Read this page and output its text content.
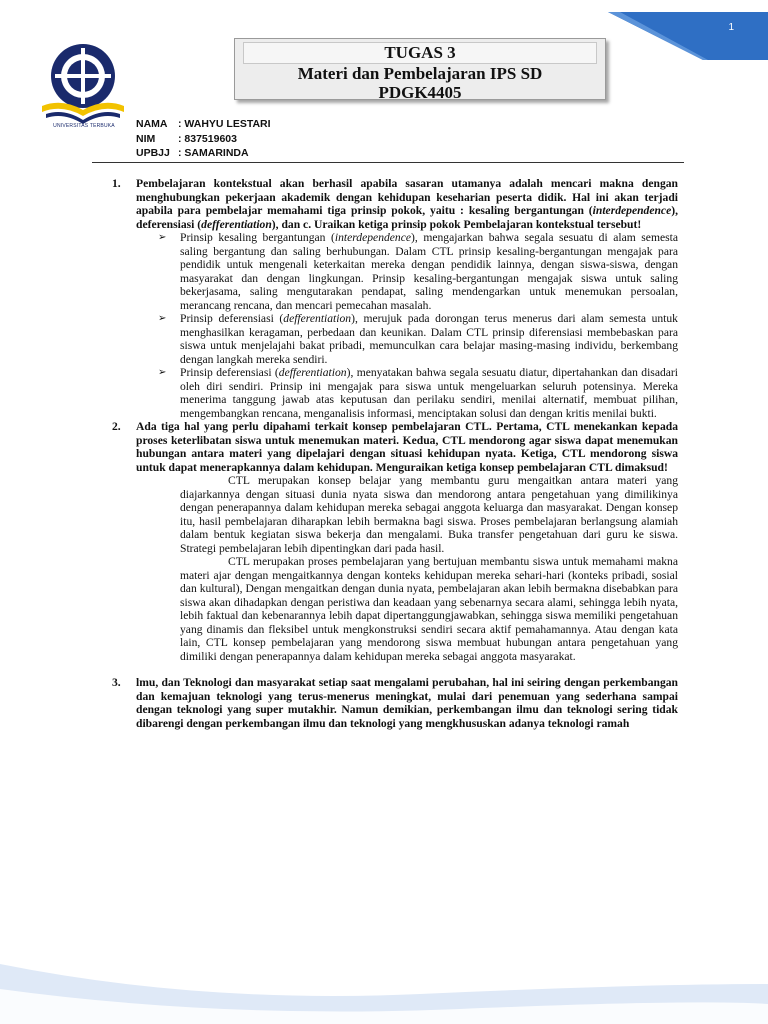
1
UNIVERSITAS TERBUKA
TUGAS 3
Materi dan Pembelajaran IPS SD
PDGK4405
NAMA	: WAHYU LESTARI
NIM	: 837519603
UPBJJ : SAMARINDA
1.	Pembelajaran kontekstual akan berhasil apabila sasaran utamanya adalah mencari makna dengan menghubungkan pekerjaan akademik dengan kehidupan keseharian peserta didik. Hal ini akan terjadi apabila para pembelajar memahami tiga prinsip pokok, yaitu : kesaling bergantungan (interdependence), deferensiasi (defferentiation), dan c. Uraikan ketiga prinsip pokok Pembelajaran kontekstual tersebut!
➢	Prinsip kesaling bergantungan (interdependence), mengajarkan bahwa segala sesuatu di alam semesta saling bergantung dan saling berhubungan. Dalam CTL prinsip kesaling-bergantungan mengajak para pendidik untuk mengenali keterkaitan mereka dengan pendidik lainnya, dengan siswa-siswa, dengan masyarakat dan dengan lingkungan. Prinsip kesaling-bergantungan mengajak siswa untuk saling bekerjasama, saling mengutarakan pendapat, saling mendengarkan untuk menemukan persoalan, merancang rencana, dan mencari pemecahan masalah.
➢	Prinsip deferensiasi (defferentiation), merujuk pada dorongan terus menerus dari alam semesta untuk menghasilkan keragaman, perbedaan dan keunikan. Dalam CTL prinsip diferensiasi membebaskan para siswa untuk menjelajahi bakat pribadi, memunculkan cara belajar masing-masing individu, berkembang dengan langkah mereka sendiri.
➢	Prinsip deferensiasi (defferentiation), menyatakan bahwa segala sesuatu diatur, dipertahankan dan disadari oleh diri sendiri. Prinsip ini mengajak para siswa untuk mengeluarkan seluruh potensinya. Mereka menerima tanggung jawab atas keputusan dan perilaku sendiri, menilai alternatif, membuat pilihan, mengembangkan rencana, menganalisis informasi, menciptakan solusi dan dengan kritis menilai bukti.
2.	Ada tiga hal yang perlu dipahami terkait konsep pembelajaran CTL. Pertama, CTL menekankan kepada proses keterlibatan siswa untuk menemukan materi. Kedua, CTL mendorong agar siswa dapat menemukan hubungan antara materi yang dipelajari dengan situasi kehidupan nyata. Ketiga, CTL mendorong siswa untuk dapat menerapkannya dalam kehidupan. Menguraikan ketiga konsep pembelajaran CTL dimaksud!

CTL merupakan konsep belajar yang membantu guru mengaitkan antara materi yang diajarkannya dengan situasi dunia nyata siswa dan mendorong antara pengetahuan yang dimilikinya dengan penerapannya dalam kehidupan mereka sebagai anggota keluarga dan masyarakat. Dengan konsep itu, hasil pembelajaran diharapkan lebih bermakna bagi siswa. Proses pembelajaran berlangsung alamiah dalam bentuk kegiatan siswa bekerja dan mengalami. Buka transfer pengetahuan dari guru ke siswa. Strategi pembelajaran lebih dipentingkan dari pada hasil.

CTL merupakan proses pembelajaran yang bertujuan membantu siswa untuk memahami makna materi ajar dengan mengaitkannya dengan konteks kehidupan mereka sehari-hari (konteks pribadi, sosial dan kultural), Dengan mengaitkan dengan dunia nyata, pembelajaran akan lebih bermakna disebabkan para siswa akan dihadapkan dengan peristiwa dan keadaan yang sebenarnya secara alami, sehingga lebih nyata, lebih faktual dan kebenarannya lebih dapat dipertanggungjawabkan, sehingga siswa memiliki pengetahuan yang dinamis dan fleksibel untuk mengkonstruksi sendiri secara aktif pemahamannya. Atau dengan kata lain, CTL konsep pembelajaran yang mendorong siswa membuat hubungan antara pengetahuan yang dimiliki dengan penerapannya dalam kehidupan mereka sebagai anggota masyarakat.

3.	lmu, dan Teknologi dan masyarakat setiap saat mengalami perubahan, hal ini seiring dengan perkembangan dan kemajuan teknologi yang terus-menerus meningkat, mulai dari penemuan yang sederhana sampai dengan teknologi yang super mutakhir. Namun demikian, perkembangan ilmu dan teknologi sering tidak dibarengi dengan perkembangan ilmu dan teknologi yang mengkhususkan adanya teknologi ramah
